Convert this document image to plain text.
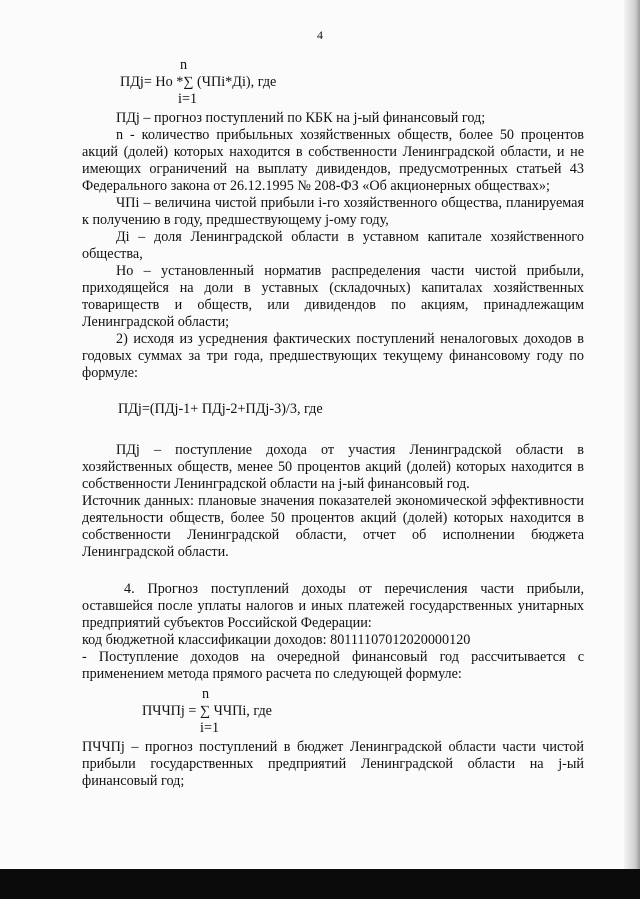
4
n
ПДj= Но *∑ (ЧПi*Дi), где
i=1

ПДj – прогноз поступлений по КБК на j-ый финансовый год;

n - количество прибыльных хозяйственных обществ, более 50 процентов акций (долей) которых находится в собственности Ленинградской области, и не имеющих ограничений на выплату дивидендов, предусмотренных статьей 43 Федерального закона от 26.12.1995 № 208-ФЗ «Об акционерных обществах»;

ЧПi – величина чистой прибыли i-го хозяйственного общества, планируемая к получению в году, предшествующему j-ому году,

Дi – доля Ленинградской области в уставном капитале хозяйственного общества,

Но – установленный норматив распределения части чистой прибыли, приходящейся на доли в уставных (складочных) капиталах хозяйственных товариществ и обществ, или дивидендов по акциям, принадлежащим Ленинградской области;

2) исходя из усреднения фактических поступлений неналоговых доходов в годовых суммах за три года, предшествующих текущему финансовому году по формуле:

ПДj=(ПДj-1+ ПДj-2+ПДj-3)/3, где

ПДj – поступление дохода от участия Ленинградской области в хозяйственных обществ, менее 50 процентов акций (долей) которых находится в собственности Ленинградской области на j-ый финансовый год.

Источник данных: плановые значения показателей экономической эффективности деятельности обществ, более 50 процентов акций (долей) которых находится в собственности Ленинградской области, отчет об исполнении бюджета Ленинградской области.

4. Прогноз поступлений доходы от перечисления части прибыли, оставшейся после уплаты налогов и иных платежей государственных унитарных предприятий субъектов Российской Федерации:

код бюджетной классификации доходов: 80111107012020000120

- Поступление доходов на очередной финансовый год рассчитывается с применением метода прямого расчета по следующей формуле:

n
ПЧЧПj = ∑ ЧЧПi, где
i=1

ПЧЧПj – прогноз поступлений в бюджет Ленинградской области части чистой прибыли государственных предприятий Ленинградской области на j-ый финансовый год;
